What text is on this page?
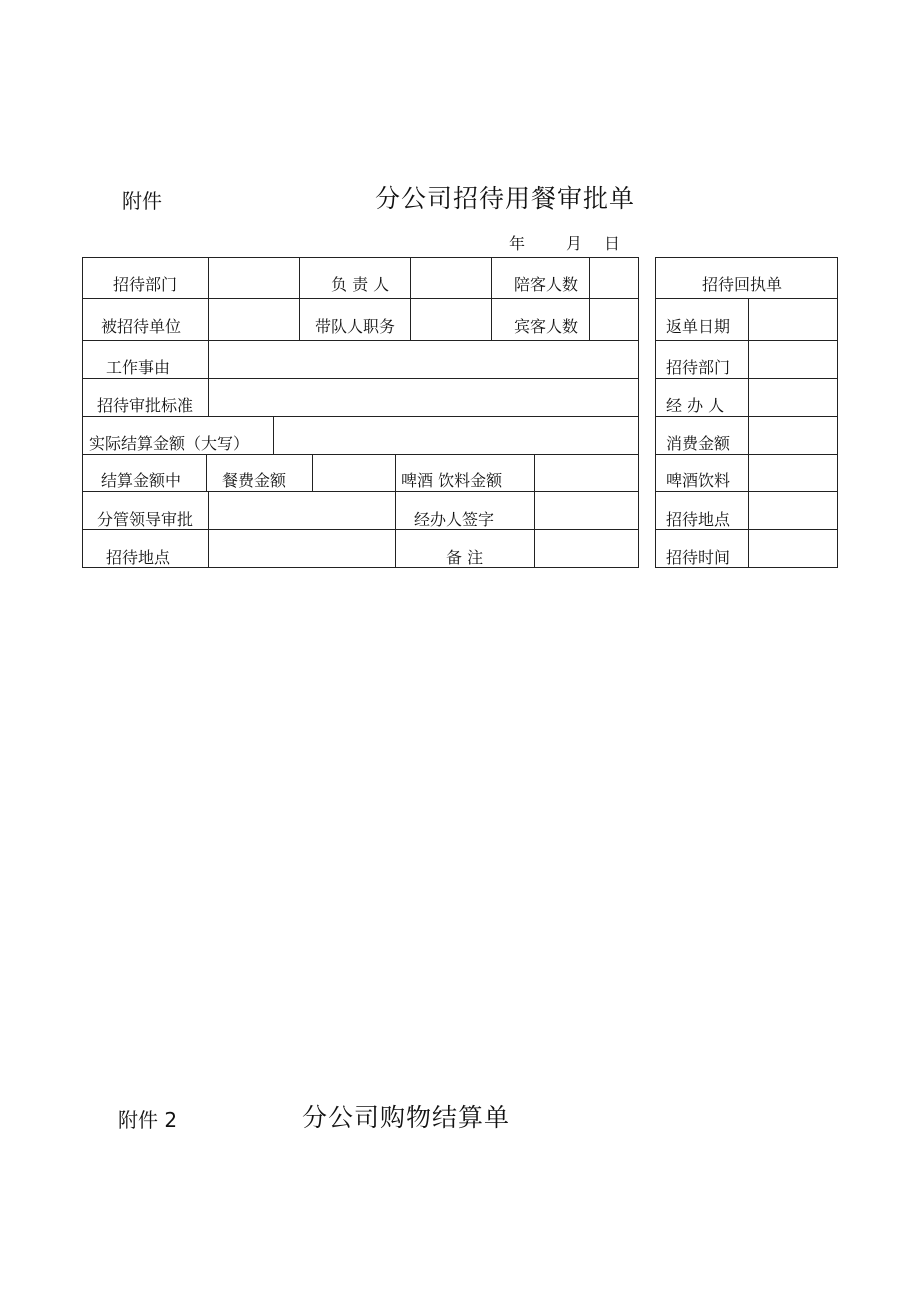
附件	分公司招待用餐审批单
年	月 日
招待部门	负 责 人	陪客人数	招待回执单
被招待单位	带队人职务	宾客人数	返单日期
工作事由	招待部门
招待审批标准	经 办 人
实际结算金额（大写）	消费金额
结算金额中	餐费金额	啤酒 饮料金额	啤酒饮料
分管领导审批	经办人签字	招待地点
招待地点	备 注	招待时间
附件 2	分公司购物结算单
